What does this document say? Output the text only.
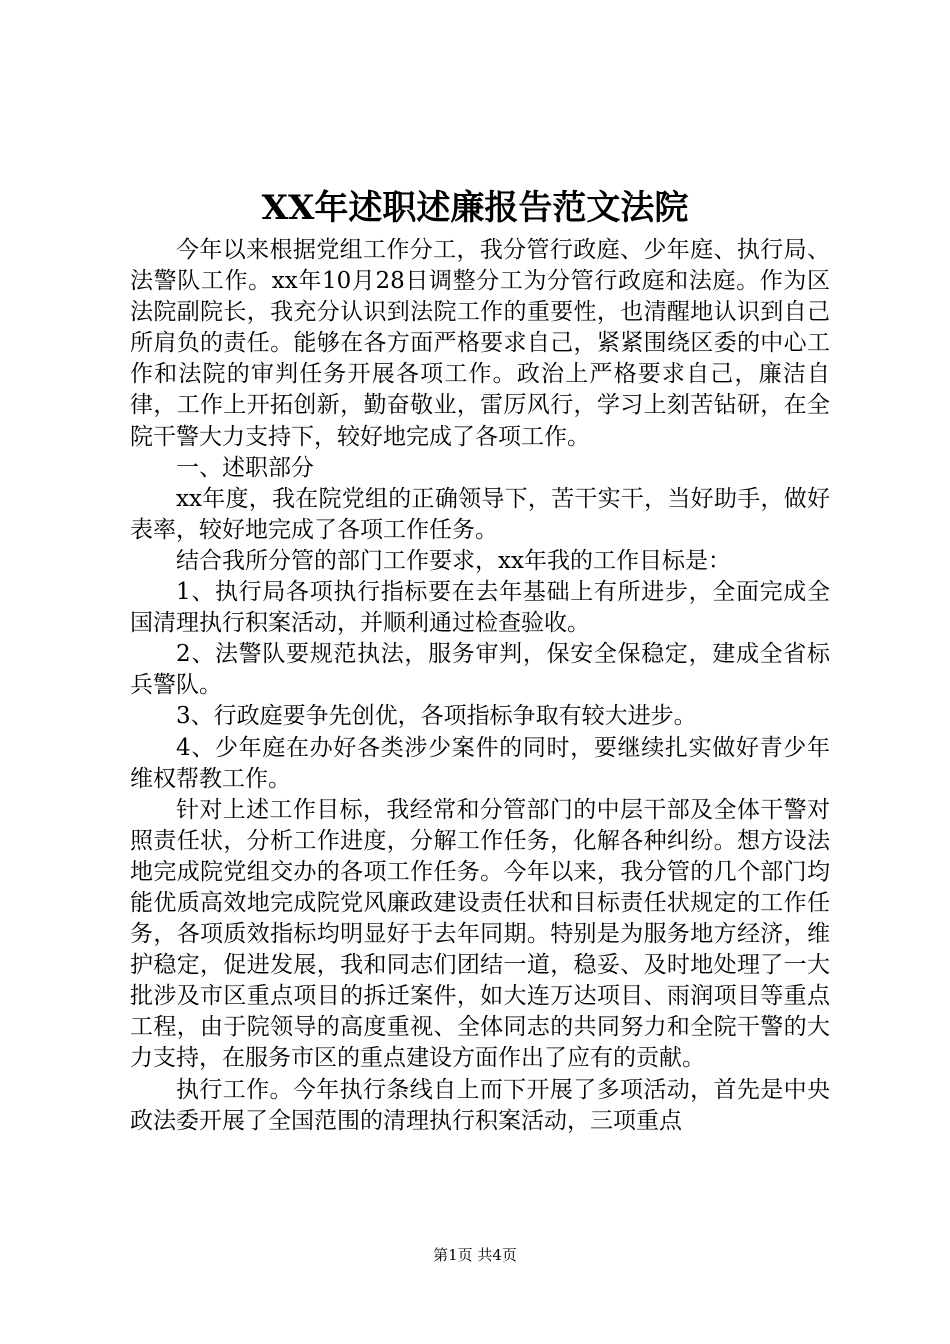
XX年述职述廉报告范文法院

今年以来根据党组工作分工，我分管行政庭、少年庭、执行局、法警队工作。xx年10月28日调整分工为分管行政庭和法庭。作为区法院副院长，我充分认识到法院工作的重要性，也清醒地认识到自己所肩负的责任。能够在各方面严格要求自己，紧紧围绕区委的中心工作和法院的审判任务开展各项工作。政治上严格要求自己，廉洁自律，工作上开拓创新，勤奋敬业，雷厉风行，学习上刻苦钻研，在全院干警大力支持下，较好地完成了各项工作。

一、述职部分

xx年度，我在院党组的正确领导下，苦干实干，当好助手，做好表率，较好地完成了各项工作任务。

结合我所分管的部门工作要求，xx年我的工作目标是：

1、执行局各项执行指标要在去年基础上有所进步，全面完成全国清理执行积案活动，并顺利通过检查验收。

2、法警队要规范执法，服务审判，保安全保稳定，建成全省标兵警队。

3、行政庭要争先创优，各项指标争取有较大进步。

4、少年庭在办好各类涉少案件的同时，要继续扎实做好青少年维权帮教工作。

针对上述工作目标，我经常和分管部门的中层干部及全体干警对照责任状，分析工作进度，分解工作任务，化解各种纠纷。想方设法地完成院党组交办的各项工作任务。今年以来，我分管的几个部门均能优质高效地完成院党风廉政建设责任状和目标责任状规定的工作任务，各项质效指标均明显好于去年同期。特别是为服务地方经济，维护稳定，促进发展，我和同志们团结一道，稳妥、及时地处理了一大批涉及市区重点项目的拆迁案件，如大连万达项目、雨润项目等重点工程，由于院领导的高度重视、全体同志的共同努力和全院干警的大力支持，在服务市区的重点建设方面作出了应有的贡献。

执行工作。今年执行条线自上而下开展了多项活动，首先是中央政法委开展了全国范围的清理执行积案活动，三项重点

第1页 共4页
